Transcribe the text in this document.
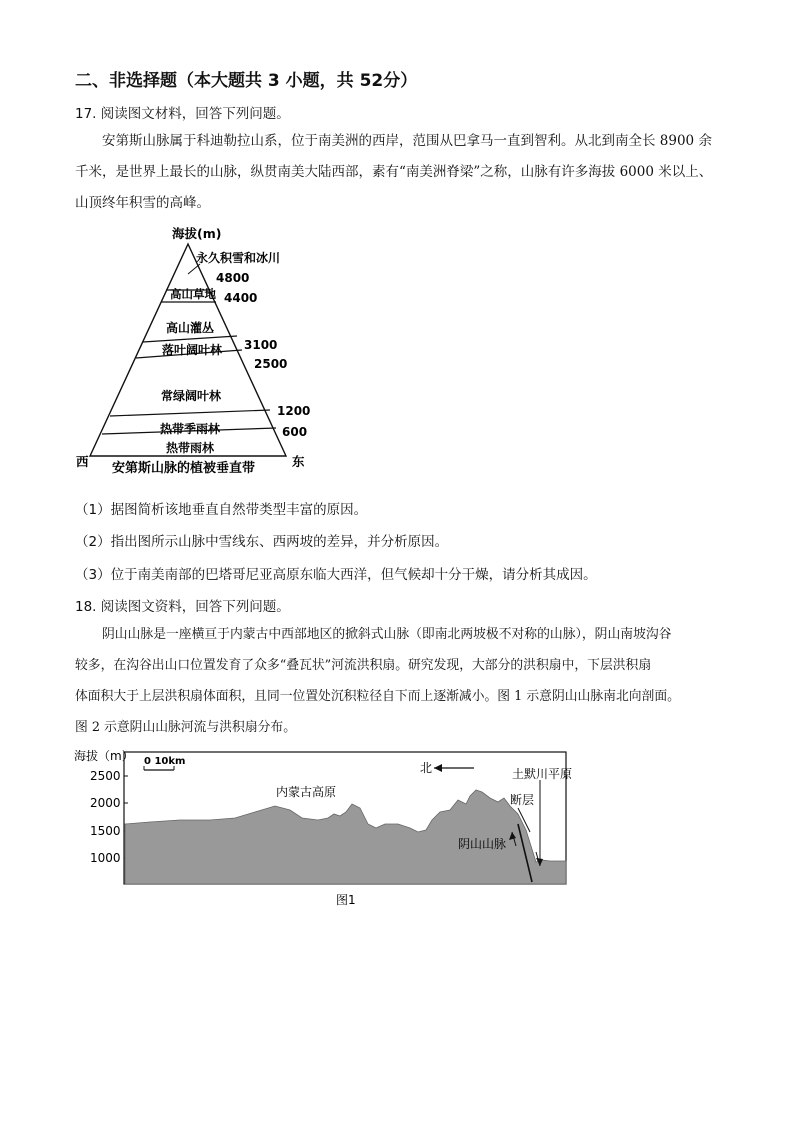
二、非选择题（本大题共 3 小题，共 52分）
17. 阅读图文材料，回答下列问题。
安第斯山脉属于科迪勒拉山系，位于南美洲的西岸，范围从巴拿马一直到智利。从北到南全长 8900 余
千米，是世界上最长的山脉，纵贯南美大陆西部，素有“南美洲脊梁”之称，山脉有许多海拔 6000 米以上、
山顶终年积雪的高峰。
海拔(m)
永久积雪和冰川
高山草地
高山灌丛
落叶阔叶林
常绿阔叶林
热带季雨林
热带雨林
4800
4400
3100
2500
1200
600
西	东
安第斯山脉的植被垂直带
（1）据图简析该地垂直自然带类型丰富的原因。
（2）指出图所示山脉中雪线东、西两坡的差异，并分析原因。
（3）位于南美南部的巴塔哥尼亚高原东临大西洋，但气候却十分干燥，请分析其成因。
18. 阅读图文资料，回答下列问题。
阴山山脉是一座横亘于内蒙古中西部地区的掀斜式山脉（即南北两坡极不对称的山脉），阴山南坡沟谷
较多，在沟谷出山口位置发育了众多“叠瓦状”河流洪积扇。研究发现，大部分的洪积扇中，下层洪积扇
体面积大于上层洪积扇体面积，且同一位置处沉积粒径自下而上逐渐减小。图 1 示意阴山山脉南北向剖面。
图 2 示意阴山山脉河流与洪积扇分布。
海拔（m）
2500
2000
1500
1000
0 10km	北
内蒙古高原
土默川平原
断层
阴山山脉
图1
